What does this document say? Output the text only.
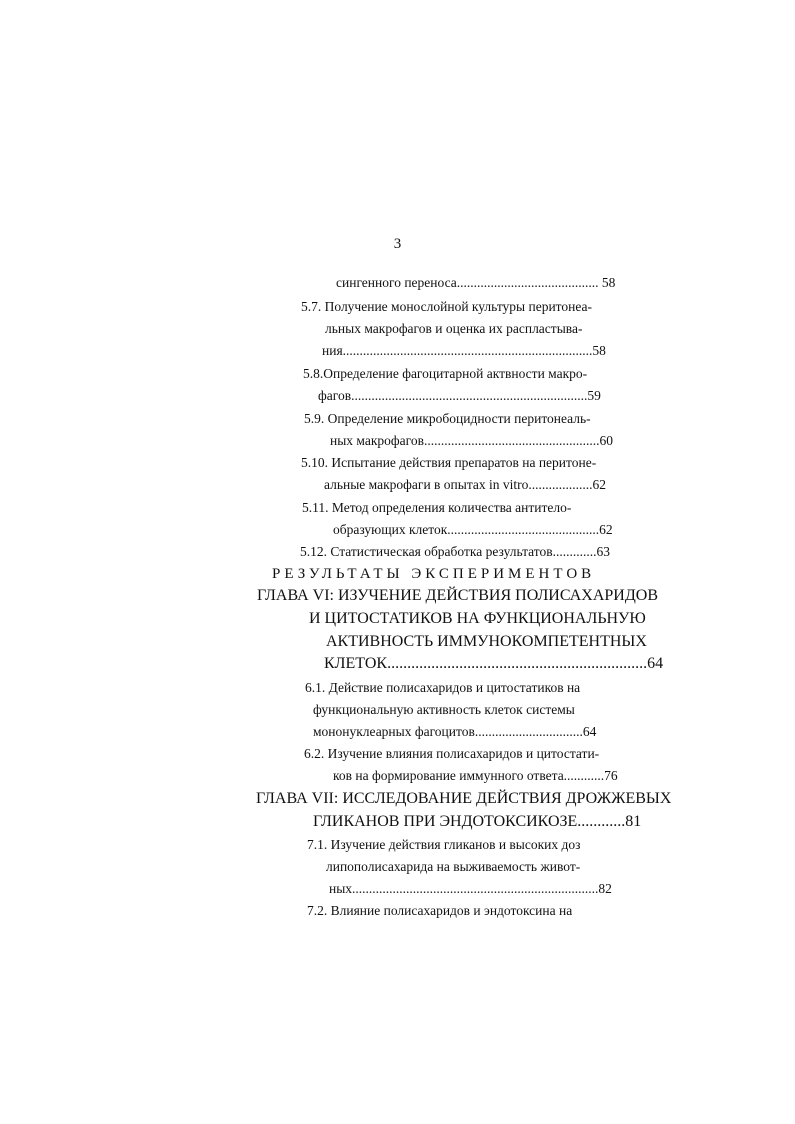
3
сингенного переноса.......................................... 58
5.7. Получение монослойной культуры перитонеа-
льных макрофагов и оценка их распластыва-
ния..........................................................................58
5.8.Определение фагоцитарной актвности макро-
фагов......................................................................59
5.9. Определение микробоцидности перитонеаль-
ных макрофагов....................................................60
5.10. Испытание действия препаратов на перитоне-
альные макрофаги в опытах in vitro...................62
5.11. Метод определения количества антитело-
образующих клеток.............................................62
5.12. Статистическая обработка результатов.............63
РЕЗУЛЬТАТЫ ЭКСПЕРИМЕНТОВ
ГЛАВА VI: ИЗУЧЕНИЕ ДЕЙСТВИЯ ПОЛИСАХАРИДОВ
И ЦИТОСТАТИКОВ НА ФУНКЦИОНАЛЬНУЮ
АКТИВНОСТЬ ИММУНОКОМПЕТЕНТНЫХ
КЛЕТОК.................................................................64
6.1. Действие полисахаридов и цитостатиков на
функциональную активность клеток системы
мононуклеарных фагоцитов................................64
6.2. Изучение влияния полисахаридов и цитостати-
ков на формирование иммунного ответа............76
ГЛАВА VII: ИССЛЕДОВАНИЕ ДЕЙСТВИЯ ДРОЖЖЕВЫХ
ГЛИКАНОВ ПРИ ЭНДОТОКСИКОЗЕ............81
7.1. Изучение действия гликанов и высоких доз
липополисахарида на выживаемость живот-
ных.........................................................................82
7.2. Влияние полисахаридов и эндотоксина на
